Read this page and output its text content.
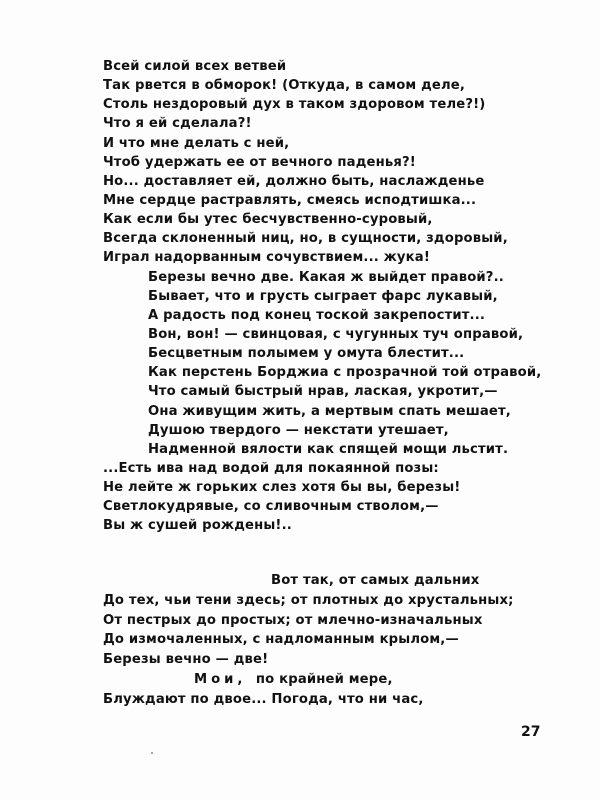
Всей силой всех ветвей
Так рвется в обморок! (Откуда, в самом деле,
Столь нездоровый дух в таком здоровом теле?!)
Что я ей сделала?!
И что мне делать с ней,
Чтоб удержать ее от вечного паденья?!
Но... доставляет ей, должно быть, наслажденье
Мне сердце растравлять, смеясь исподтишка...
Как если бы утес бесчувственно-суровый,
Всегда склоненный ниц, но, в сущности, здоровый,
Играл надорванным сочувствием... жука!
Березы вечно две. Какая ж выйдет правой?..
Бывает, что и грусть сыграет фарс лукавый,
А радость под конец тоской закрепостит...
Вон, вон! — свинцовая, с чугунных туч оправой,
Бесцветным полымем у омута блестит...
Как перстень Борджиа с прозрачной той отравой,
Что самый быстрый нрав, лаская, укротит,—
Она живущим жить, а мертвым спать мешает,
Душою твердого — некстати утешает,
Надменной вялости как спящей мощи льстит.
...Есть ива над водой для покаянной позы:
Не лейте ж горьких слез хотя бы вы, березы!
Светлокудрявые, со сливочным стволом,—
Вы ж сушей рождены!..
Вот так, от самых дальних
До тех, чьи тени здесь; от плотных до хрустальных;
От пестрых до простых; от млечно-изначальных
До измочаленных, с надломанным крылом,—
Березы вечно — две!
Мои, по крайней мере,
Блуждают по двое... Погода, что ни час,
27
